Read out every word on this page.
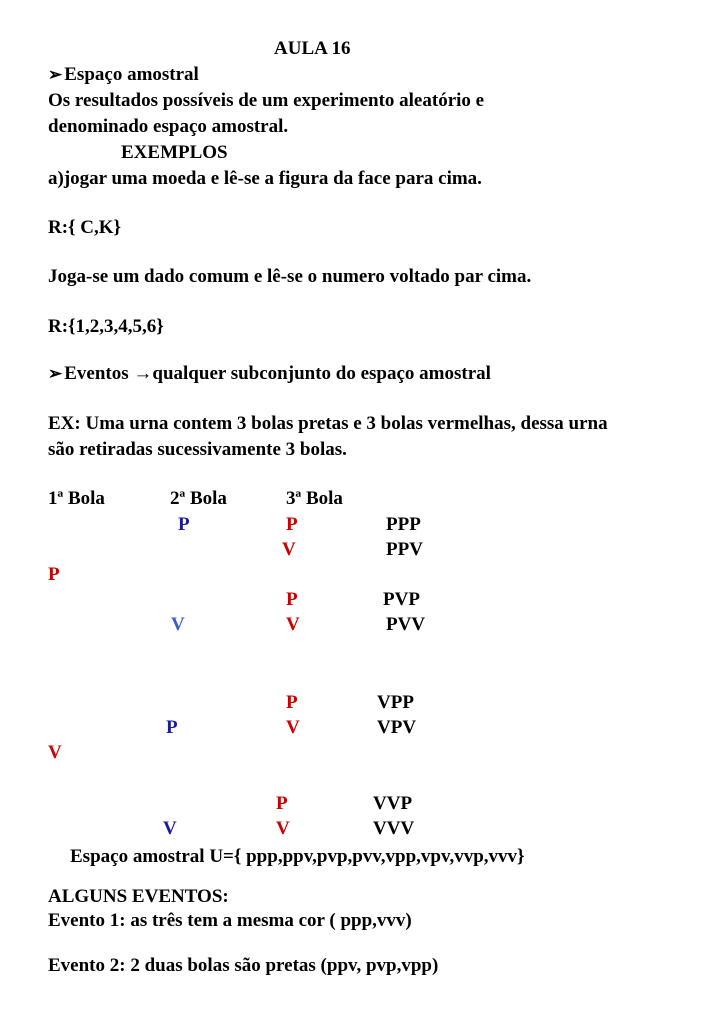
AULA 16
➢ Espaço amostral
Os resultados possíveis de um experimento aleatório e
denominado espaço amostral.
EXEMPLOS
a)jogar uma moeda e lê-se a figura da face para cima.
R:{ C,K}
Joga-se um dado comum e lê-se o numero voltado par cima.
R:{1,2,3,4,5,6}
➢ Eventos →qualquer subconjunto do espaço amostral
EX: Uma urna contem 3 bolas pretas e 3 bolas vermelhas, dessa urna
são retiradas sucessivamente 3 bolas.
1ª Bola	2ª Bola	3ª Bola
P
V
P
V
P
V
P
V
P
V
P
V
P
V
PPP
PPV
PVP
PVV
VPP
VPV
VVP
VVV
Espaço amostral U={ ppp,ppv,pvp,pvv,vpp,vpv,vvp,vvv}
ALGUNS EVENTOS:
Evento 1: as três tem a mesma cor ( ppp,vvv)
Evento 2: 2 duas bolas são pretas (ppv, pvp,vpp)
